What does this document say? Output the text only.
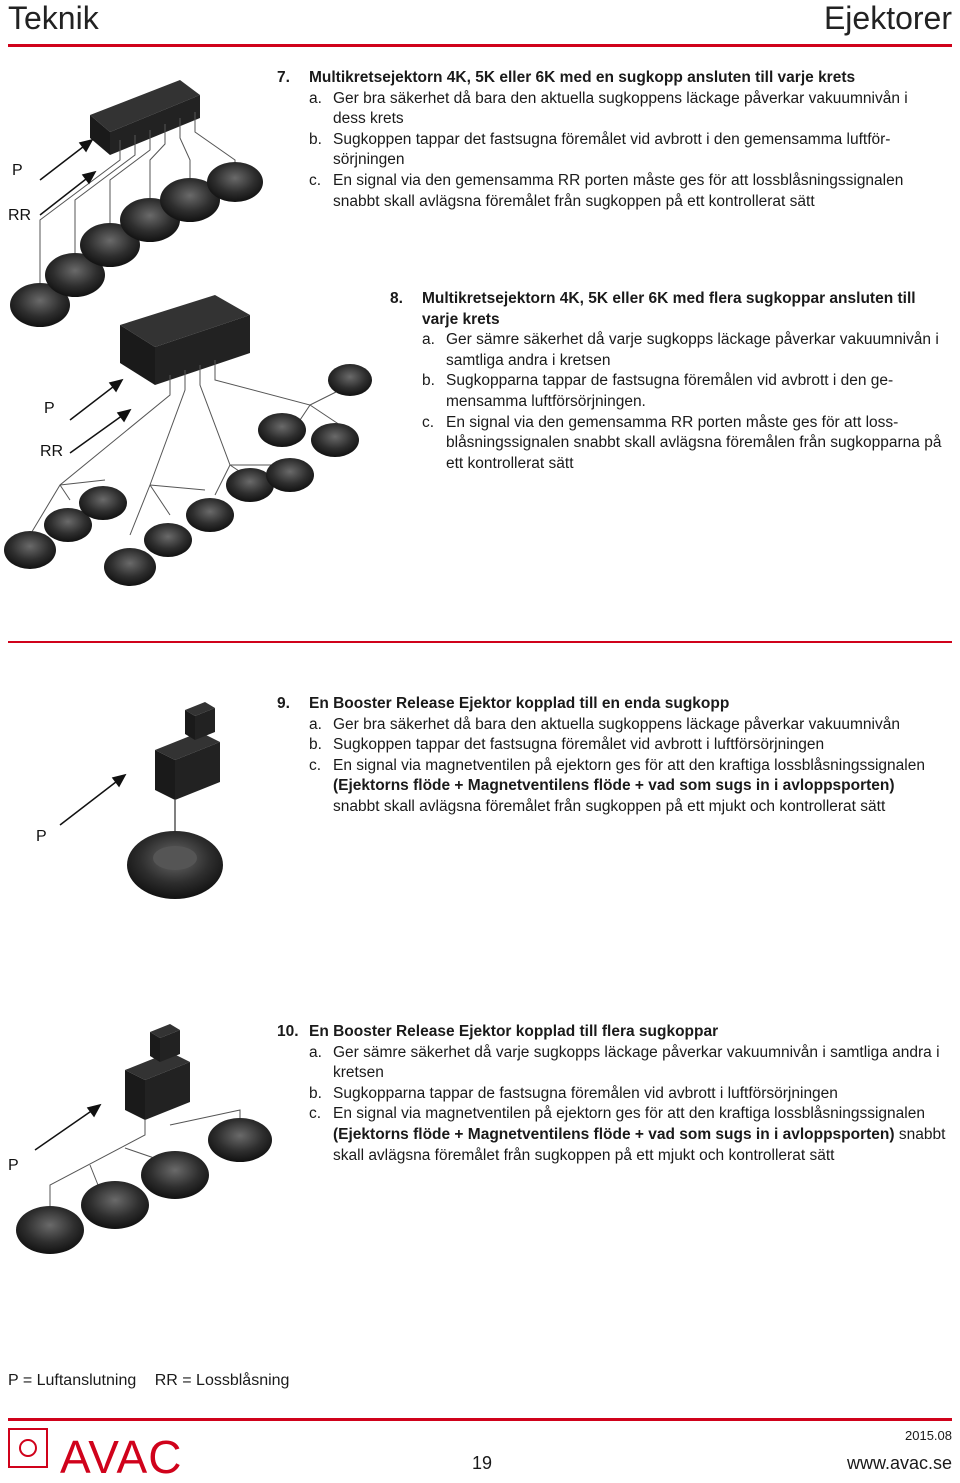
Teknik	Ejektorer
P
RR
7.	Multikretsejektorn 4K, 5K eller 6K med en sugkopp ansluten till varje krets
a. Ger bra säkerhet då bara den aktuella sugkoppens läckage påverkar vakuumnivån i dess krets
b. Sugkoppen tappar det fastsugna föremålet vid avbrott i den gemensamma luftförsörjningen
c. En signal via den gemensamma RR porten måste ges för att lossblåsningssignalen snabbt skall avlägsna föremålet från sugkoppen på ett kontrollerat sätt
P
RR
8.	Multikretsejektorn 4K, 5K eller 6K med flera sugkoppar ansluten till varje krets
a. Ger sämre säkerhet då varje sugkopps läckage påverkar vakuumnivån i samtliga andra i kretsen
b. Sugkopparna tappar de fastsugna föremålen vid avbrott i den gemensamma luftförsörjningen.
c. En signal via den gemensamma RR porten måste ges för att lossblåsningssignalen snabbt skall avlägsna föremålen från sugkopparna på ett kontrollerat sätt
P
9.	En Booster Release Ejektor kopplad till en enda sugkopp
a. Ger bra säkerhet då bara den aktuella sugkoppens läckage påverkar vakuumnivån
b. Sugkoppen tappar det fastsugna föremålet vid avbrott i luftförsörjningen
c. En signal via magnetventilen på ejektorn ges för att den kraftiga lossblåsningssignalen (Ejektorns flöde + Magnetventilens flöde + vad som sugs in i avloppsporten) snabbt skall avlägsna föremålet från sugkoppen på ett mjukt och kontrollerat sätt
P
10. En Booster Release Ejektor kopplad till flera sugkoppar
a. Ger sämre säkerhet då varje sugkopps läckage påverkar vakuumnivån i samtliga andra i kretsen
b. Sugkopparna tappar de fastsugna föremålen vid avbrott i luftförsörjningen
c. En signal via magnetventilen på ejektorn ges för att den kraftiga lossblåsningssignalen (Ejektorns flöde + Magnetventilens flöde + vad som sugs in i avloppsporten) snabbt skall avlägsna föremålet från sugkoppen på ett mjukt och kontrollerat sätt
P = Luftanslutning RR = Lossblåsning
AVAC	19
2015.08
www.avac.se
